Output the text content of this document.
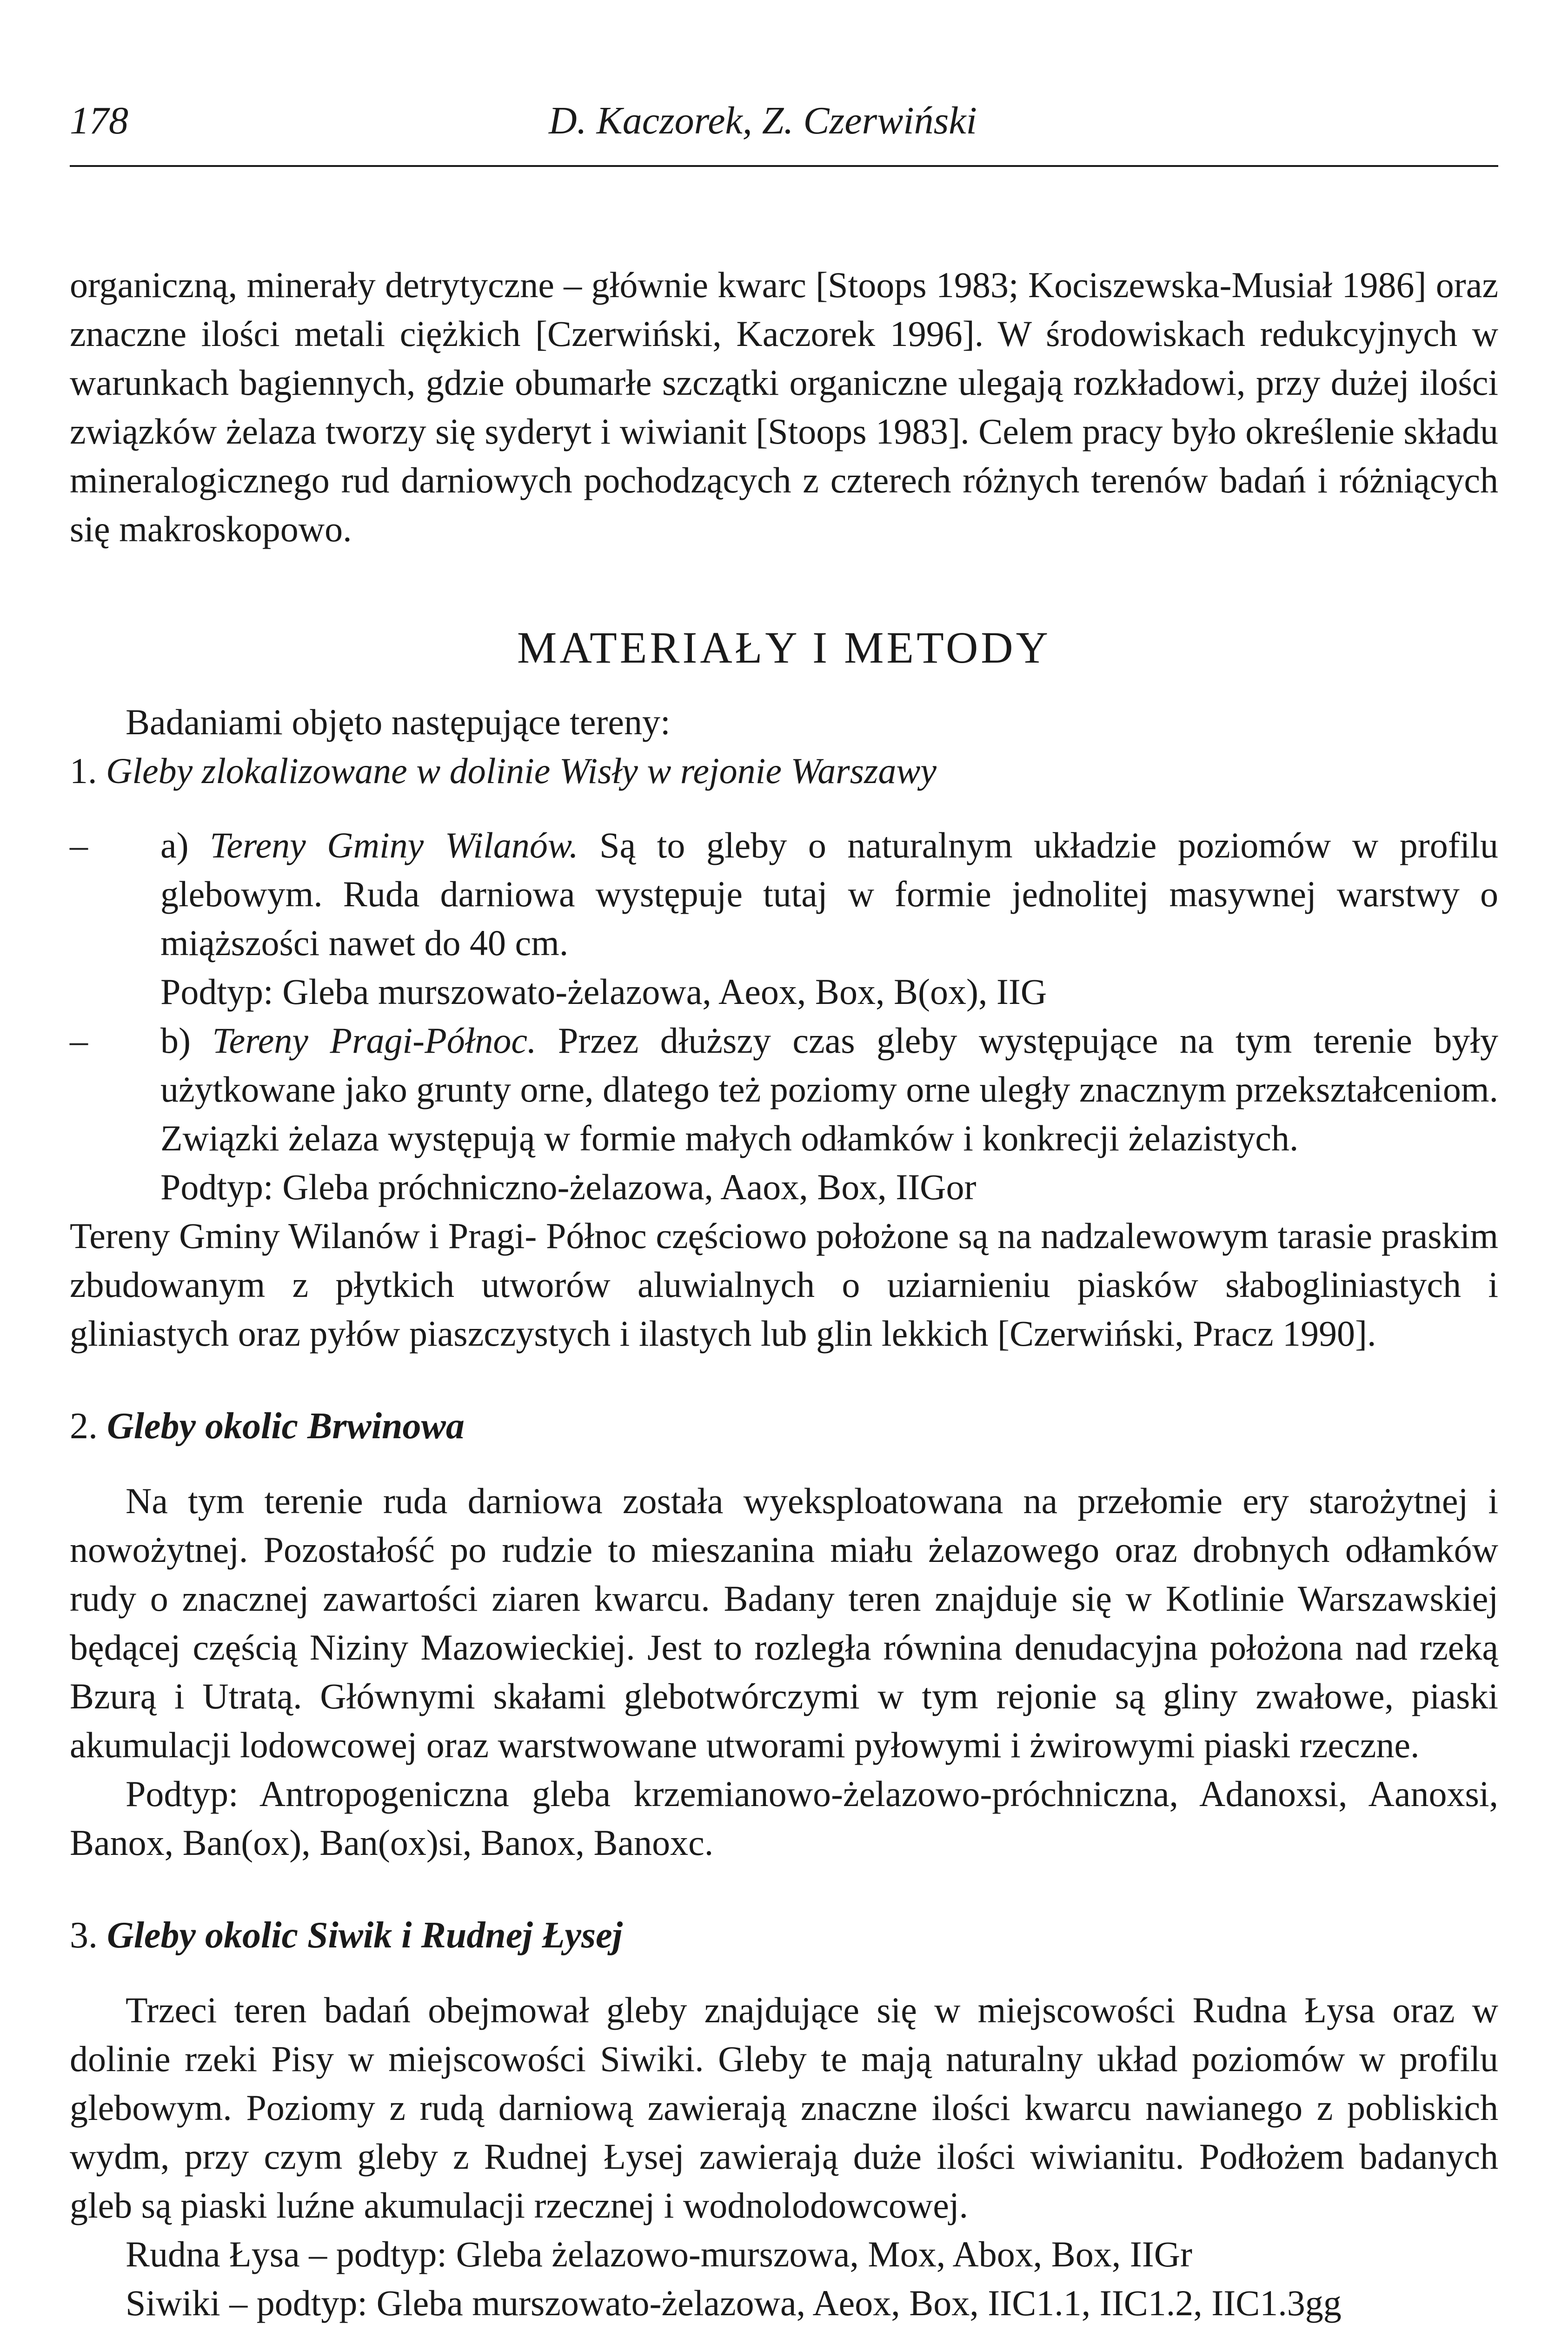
178	D. Kaczorek, Z. Czerwiński

organiczną, minerały detrytyczne – głównie kwarc [Stoops 1983; Kociszewska-Musiał 1986] oraz znaczne ilości metali ciężkich [Czerwiński, Kaczorek 1996]. W środowiskach redukcyjnych w warunkach bagiennych, gdzie obumarłe szczątki organiczne ulegają rozkładowi, przy dużej ilości związków żelaza tworzy się syderyt i wiwianit [Stoops 1983]. Celem pracy było określenie składu mineralogicznego rud darniowych pochodzących z czterech różnych terenów badań i różniących się makroskopowo.

MATERIAŁY I METODY

Badaniami objęto następujące tereny:

1. Gleby zlokalizowane w dolinie Wisły w rejonie Warszawy

– a) Tereny Gminy Wilanów. Są to gleby o naturalnym układzie poziomów w profilu glebowym. Ruda darniowa występuje tutaj w formie jednolitej masywnej warstwy o miąższości nawet do 40 cm.

Podtyp: Gleba murszowato-żelazowa, Aeox, Box, B(ox), IIG

– b) Tereny Pragi-Północ. Przez dłuższy czas gleby występujące na tym terenie były użytkowane jako grunty orne, dlatego też poziomy orne uległy znacznym przekształceniom. Związki żelaza występują w formie małych odłamków i konkrecji żelazistych.

Podtyp: Gleba próchniczno-żelazowa, Aaox, Box, IIGor

Tereny Gminy Wilanów i Pragi- Północ częściowo położone są na nadzalewowym tarasie praskim zbudowanym z płytkich utworów aluwialnych o uziarnieniu piasków słabogliniastych i gliniastych oraz pyłów piaszczystych i ilastych lub glin lekkich [Czerwiński, Pracz 1990].

2. Gleby okolic Brwinowa

Na tym terenie ruda darniowa została wyeksploatowana na przełomie ery starożytnej i nowożytnej. Pozostałość po rudzie to mieszanina miału żelazowego oraz drobnych odłamków rudy o znacznej zawartości ziaren kwarcu. Badany teren znajduje się w Kotlinie Warszawskiej będącej częścią Niziny Mazowieckiej. Jest to rozległa równina denudacyjna położona nad rzeką Bzurą i Utratą. Głównymi skałami glebotwórczymi w tym rejonie są gliny zwałowe, piaski akumulacji lodowcowej oraz warstwowane utworami pyłowymi i żwirowymi piaski rzeczne.

Podtyp: Antropogeniczna gleba krzemianowo-żelazowo-próchniczna, Adanoxsi, Aanoxsi, Banox, Ban(ox), Ban(ox)si, Banox, Banoxc.

3. Gleby okolic Siwik i Rudnej Łysej

Trzeci teren badań obejmował gleby znajdujące się w miejscowości Rudna Łysa oraz w dolinie rzeki Pisy w miejscowości Siwiki. Gleby te mają naturalny układ poziomów w profilu glebowym. Poziomy z rudą darniową zawierają znaczne ilości kwarcu nawianego z pobliskich wydm, przy czym gleby z Rudnej Łysej zawierają duże ilości wiwianitu. Podłożem badanych gleb są piaski luźne akumulacji rzecznej i wodnolodowcowej.

Rudna Łysa – podtyp: Gleba żelazowo-murszowa, Mox, Abox, Box, IIGr

Siwiki – podtyp: Gleba murszowato-żelazowa, Aeox, Box, IIC1.1, IIC1.2, IIC1.3gg
